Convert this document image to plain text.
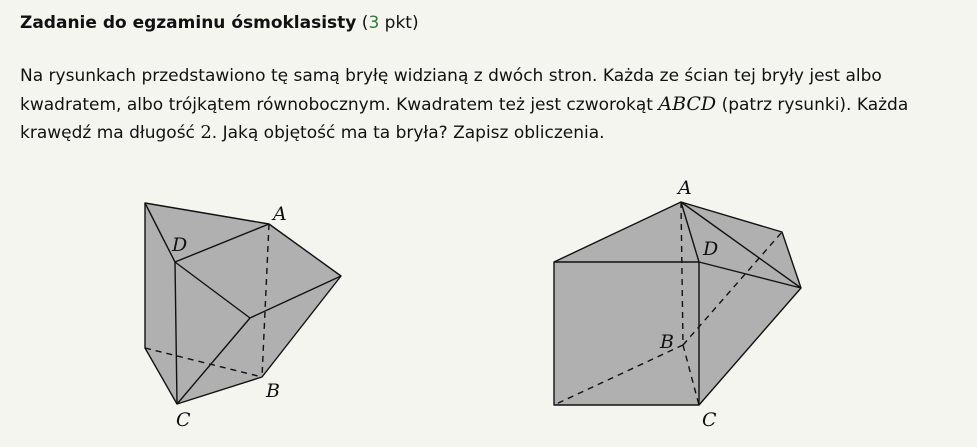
Zadanie do egzaminu ósmoklasisty (3 pkt)
Na rysunkach przedstawiono tę samą bryłę widzianą z dwóch stron. Każda ze ścian tej bryły jest albo kwadratem, albo trójkątem równobocznym. Kwadratem też jest czworokąt ABCD (patrz rysunki). Każda krawędź ma długość 2. Jaką objętość ma ta bryła? Zapisz obliczenia.
A
D
B
C
A
D
B
C
